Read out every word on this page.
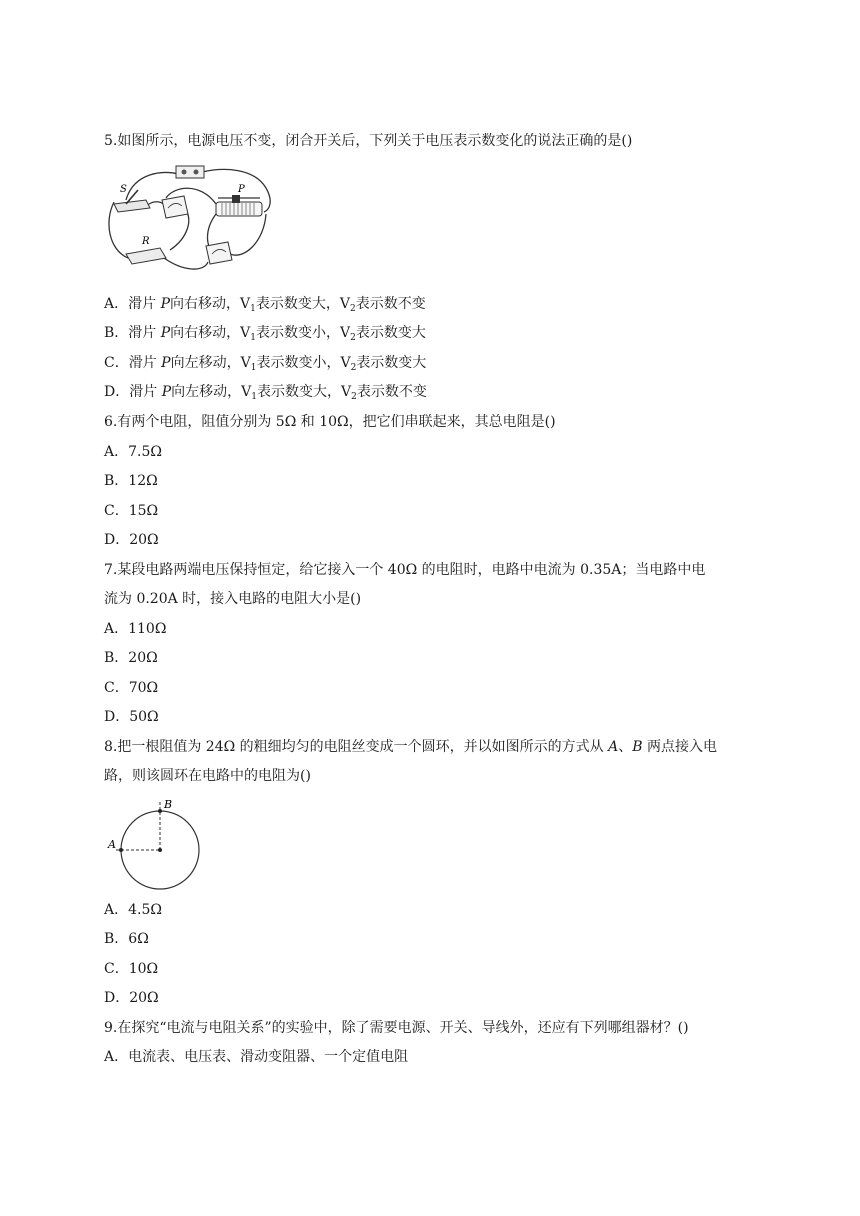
5.如图所示，电源电压不变，闭合开关后，下列关于电压表示数变化的说法正确的是()
S	P
R
A．滑片 P向右移动，$V_1$表示数变大，$V_2$表示数不变
B．滑片 P向右移动，$V_1$表示数变小，$V_2$表示数变大
C．滑片 P向左移动，$V_1$表示数变小，$V_2$表示数变大
D．滑片 P向左移动，$V_1$表示数变大，$V_2$表示数不变
6.有两个电阻，阻值分别为 5Ω 和 10Ω，把它们串联起来，其总电阻是()
A．7.5Ω
B．12Ω
C．15Ω
D．20Ω
7.某段电路两端电压保持恒定，给它接入一个 40Ω 的电阻时，电路中电流为 0.35A；当电路中电
流为 0.20A 时，接入电路的电阻大小是()
A．110Ω
B．20Ω
C．70Ω
D．50Ω
8.把一根阻值为 24Ω 的粗细均匀的电阻丝变成一个圆环，并以如图所示的方式从 A、B 两点接入电
路，则该圆环在电路中的电阻为()
A
B
A．4.5Ω
B．6Ω
C．10Ω
D．20Ω
9.在探究“电流与电阻关系”的实验中，除了需要电源、开关、导线外，还应有下列哪组器材？()
A．电流表、电压表、滑动变阻器、一个定值电阻
